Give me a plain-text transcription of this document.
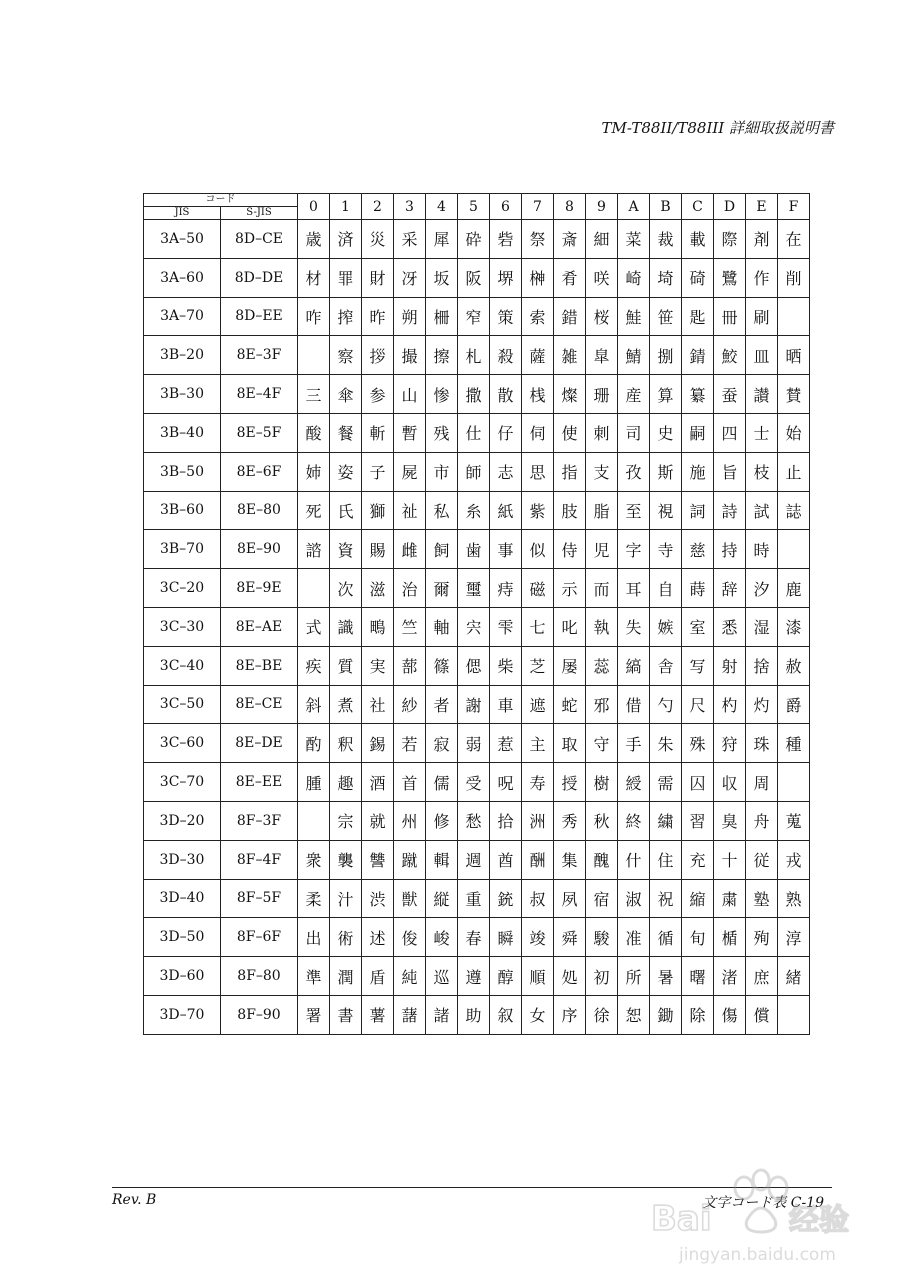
TM-T88II/T88III 詳細取扱説明書
コード		0	1	2	3	4	5	6	7	8	9	A	B	C	D	E	F
JIS	S-JIS																
3A–50	8D–CE	歳	済	災	采	犀	砕	砦	祭	斎	細	菜	裁	載	際	剤	在
3A–60	8D–DE	材	罪	財	冴	坂	阪	堺	榊	肴	咲	崎	埼	碕	鷺	作	削
3A–70	8D–EE	咋	搾	昨	朔	柵	窄	策	索	錯	桜	鮭	笹	匙	冊	刷	
3B–20	8E–3F		察	拶	撮	擦	札	殺	薩	雑	皐	鯖	捌	錆	鮫	皿	晒
3B–30	8E–4F	三	傘	参	山	惨	撒	散	桟	燦	珊	産	算	纂	蚕	讃	賛
3B–40	8E–5F	酸	餐	斬	暫	残	仕	仔	伺	使	刺	司	史	嗣	四	士	始
3B–50	8E–6F	姉	姿	子	屍	市	師	志	思	指	支	孜	斯	施	旨	枝	止
3B–60	8E–80	死	氏	獅	祉	私	糸	紙	紫	肢	脂	至	視	詞	詩	試	誌
3B–70	8E–90	諮	資	賜	雌	飼	歯	事	似	侍	児	字	寺	慈	持	時	
3C–20	8E–9E		次	滋	治	爾	璽	痔	磁	示	而	耳	自	蒔	辞	汐	鹿
3C–30	8E–AE	式	識	鴫	竺	軸	宍	雫	七	叱	執	失	嫉	室	悉	湿	漆
3C–40	8E–BE	疾	質	実	蔀	篠	偲	柴	芝	屡	蕊	縞	舎	写	射	捨	赦
3C–50	8E–CE	斜	煮	社	紗	者	謝	車	遮	蛇	邪	借	勺	尺	杓	灼	爵
3C–60	8E–DE	酌	釈	錫	若	寂	弱	惹	主	取	守	手	朱	殊	狩	珠	種
3C–70	8E–EE	腫	趣	酒	首	儒	受	呪	寿	授	樹	綬	需	囚	収	周	
3D–20	8F–3F		宗	就	州	修	愁	拾	洲	秀	秋	終	繍	習	臭	舟	蒐
3D–30	8F–4F	衆	襲	讐	蹴	輯	週	酋	酬	集	醜	什	住	充	十	従	戎
3D–40	8F–5F	柔	汁	渋	獣	縦	重	銃	叔	夙	宿	淑	祝	縮	粛	塾	熟
3D–50	8F–6F	出	術	述	俊	峻	春	瞬	竣	舜	駿	准	循	旬	楯	殉	淳
3D–60	8F–80	準	潤	盾	純	巡	遵	醇	順	処	初	所	暑	曙	渚	庶	緒
3D–70	8F–90	署	書	薯	藷	諸	助	叙	女	序	徐	恕	鋤	除	傷	償	
Rev. B	文字コード表 C-19
Bai	经验
jingyan.baidu.com
